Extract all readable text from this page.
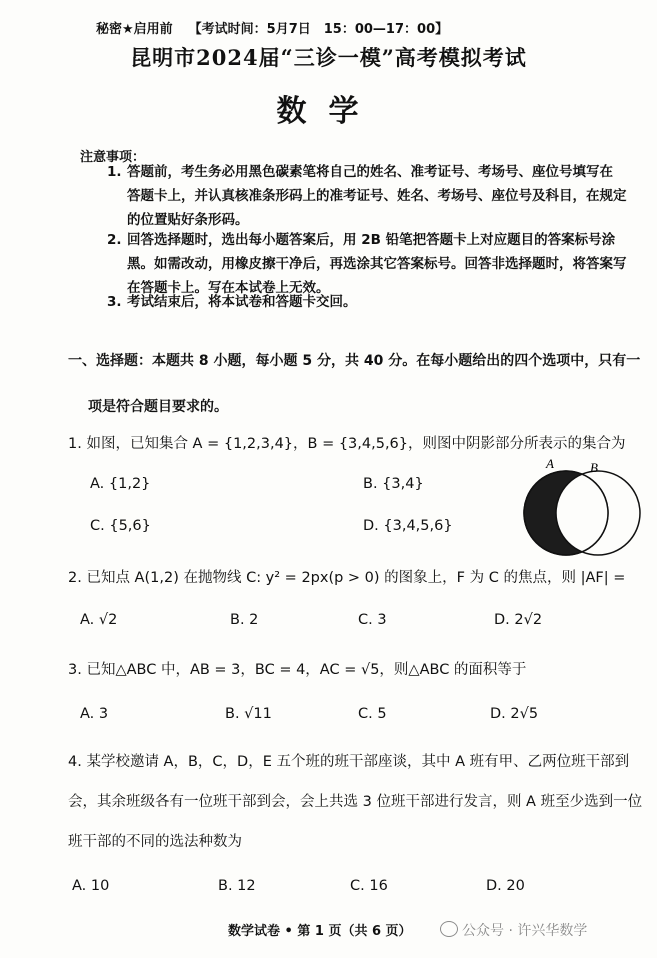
秘密★启用前 【考试时间：5月7日　15：00—17：00】
昆明市2024届“三诊一模”高考模拟考试
数学
注意事项：
1. 答题前，考生务必用黑色碳素笔将自己的姓名、准考证号、考场号、座位号填写在
答题卡上，并认真核准条形码上的准考证号、姓名、考场号、座位号及科目，在规定的位置贴好条形码。
2. 回答选择题时，选出每小题答案后，用 2B 铅笔把答题卡上对应题目的答案标号涂
黑。如需改动，用橡皮擦干净后，再选涂其它答案标号。回答非选择题时，将答案写在答题卡上。写在本试卷上无效。
3. 考试结束后，将本试卷和答题卡交回。
一、选择题：本题共 8 小题，每小题 5 分，共 40 分。在每小题给出的四个选项中，只有一
项是符合题目要求的。
1. 如图，已知集合 A = {1,2,3,4}，B = {3,4,5,6}，则图中阴影部分所表示的集合为
A. {1,2}	B. {3,4}
C. {5,6}	D. {3,4,5,6}
A	B
2. 已知点 A(1,2) 在抛物线 C: y² = 2px(p > 0) 的图象上，F 为 C 的焦点，则 |AF| =
A. √2	B. 2	C. 3	D. 2√2
3. 已知△ABC 中，AB = 3，BC = 4，AC = √5，则△ABC 的面积等于
A. 3	B. √11	C. 5	D. 2√5
4. 某学校邀请 A，B，C，D，E 五个班的班干部座谈，其中 A 班有甲、乙两位班干部到会，其余班级各有一位班干部到会，会上共选 3 位班干部进行发言，则 A 班至少选到一位班干部的不同的选法种数为
A. 10	B. 12	C. 16	D. 20
数学试卷 • 第 1 页（共 6 页）	公众号 · 许兴华数学
